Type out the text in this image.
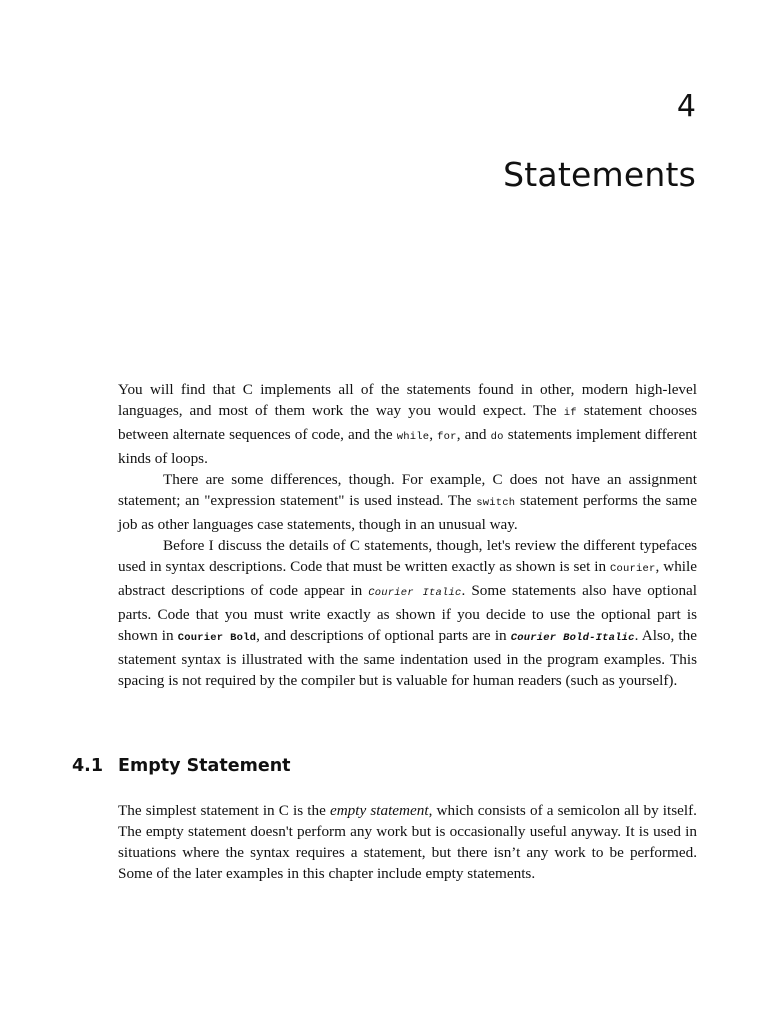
4
Statements

You will find that C implements all of the statements found in other, modern high-level languages, and most of them work the way you would expect. The if statement chooses between alternate sequences of code, and the while, for, and do statements implement different kinds of loops.

There are some differences, though. For example, C does not have an assignment statement; an "expression statement" is used instead. The switch statement performs the same job as other languages case statements, though in an unusual way.

Before I discuss the details of C statements, though, let's review the different typefaces used in syntax descriptions. Code that must be written exactly as shown is set in Courier, while abstract descriptions of code appear in Courier Italic. Some statements also have optional parts. Code that you must write exactly as shown if you decide to use the optional part is shown in Courier Bold, and descriptions of optional parts are in Courier Bold-Italic. Also, the statement syntax is illustrated with the same indentation used in the program examples. This spacing is not required by the compiler but is valuable for human readers (such as yourself).

4.1 Empty Statement

The simplest statement in C is the empty statement, which consists of a semicolon all by itself. The empty statement doesn't perform any work but is occasionally useful anyway. It is used in situations where the syntax requires a statement, but there isn’t any work to be performed. Some of the later examples in this chapter include empty statements.
